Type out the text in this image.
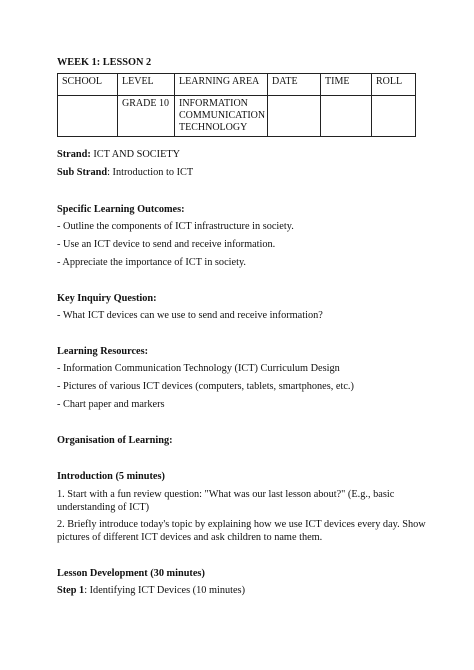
WEEK 1: LESSON 2
SCHOOL	LEVEL	LEARNING AREA	DATE	TIME	ROLL
	GRADE 10	INFORMATION COMMUNICATION TECHNOLOGY			
Strand: ICT AND SOCIETY
Sub Strand: Introduction to ICT
Specific Learning Outcomes:
- Outline the components of ICT infrastructure in society.
- Use an ICT device to send and receive information.
- Appreciate the importance of ICT in society.
Key Inquiry Question:
- What ICT devices can we use to send and receive information?
Learning Resources:
- Information Communication Technology (ICT) Curriculum Design
- Pictures of various ICT devices (computers, tablets, smartphones, etc.)
- Chart paper and markers
Organisation of Learning:
Introduction (5 minutes)
1. Start with a fun review question: "What was our last lesson about?" (E.g., basic
understanding of ICT)
2. Briefly introduce today's topic by explaining how we use ICT devices every day. Show
pictures of different ICT devices and ask children to name them.
Lesson Development (30 minutes)
Step 1: Identifying ICT Devices (10 minutes)
